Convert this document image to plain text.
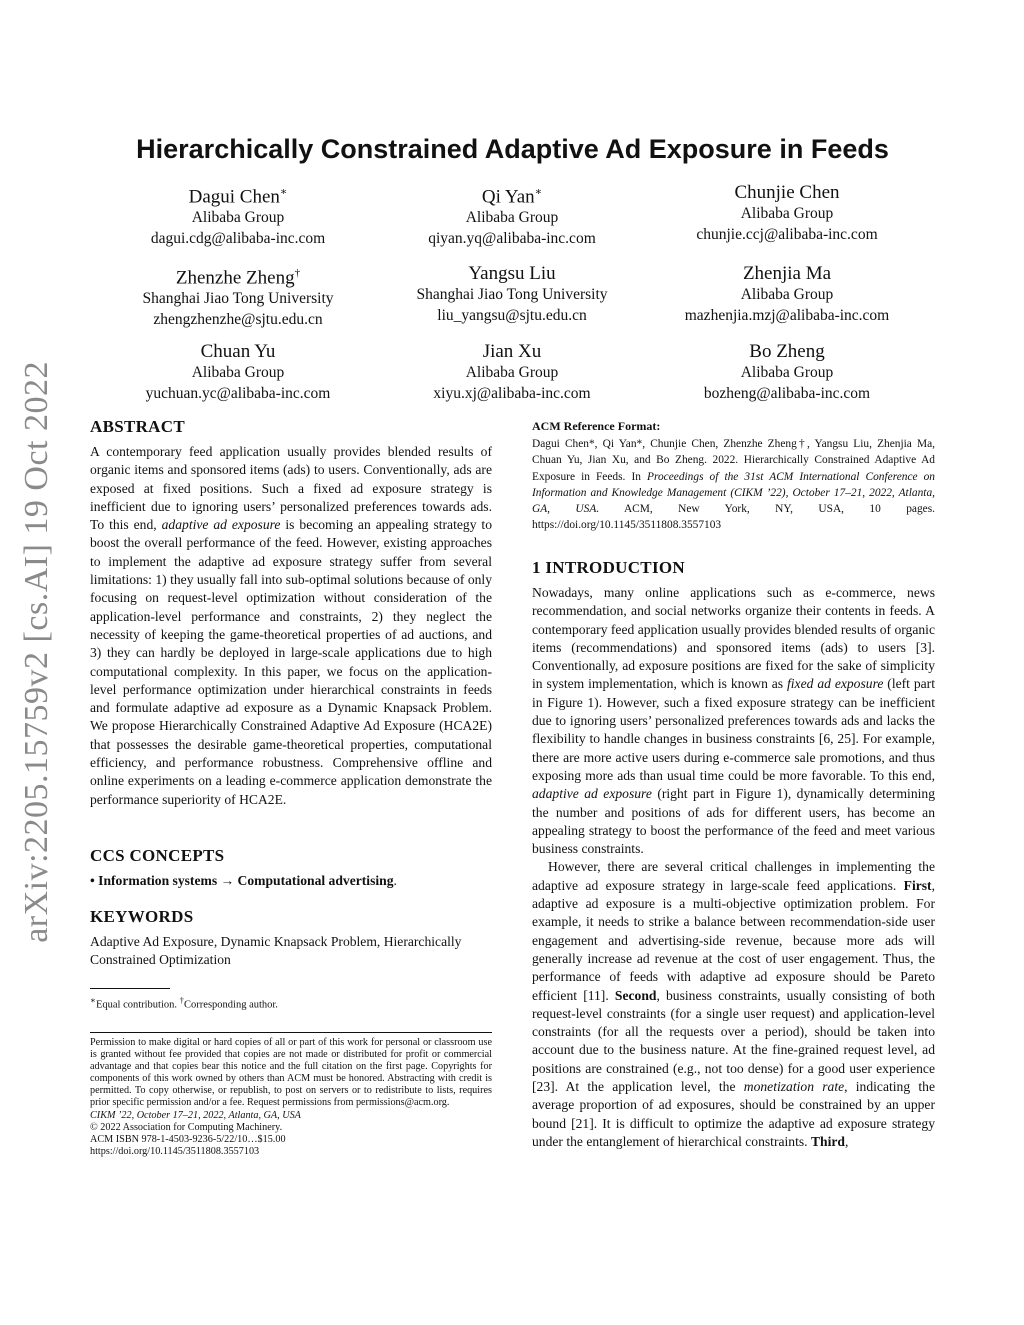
arXiv:2205.15759v2 [cs.AI] 19 Oct 2022
Hierarchically Constrained Adaptive Ad Exposure in Feeds
Dagui Chen∗
Alibaba Group
dagui.cdg@alibaba-inc.com
Qi Yan∗
Alibaba Group
qiyan.yq@alibaba-inc.com
Chunjie Chen
Alibaba Group
chunjie.ccj@alibaba-inc.com
Zhenzhe Zheng†
Shanghai Jiao Tong University
zhengzhenzhe@sjtu.edu.cn
Yangsu Liu
Shanghai Jiao Tong University
liu_yangsu@sjtu.edu.cn
Zhenjia Ma
Alibaba Group
mazhenjia.mzj@alibaba-inc.com
Chuan Yu
Alibaba Group
yuchuan.yc@alibaba-inc.com
Jian Xu
Alibaba Group
xiyu.xj@alibaba-inc.com
Bo Zheng
Alibaba Group
bozheng@alibaba-inc.com
ABSTRACT

A contemporary feed application usually provides blended results of organic items and sponsored items (ads) to users. Conventionally, ads are exposed at fixed positions. Such a fixed ad exposure strategy is inefficient due to ignoring users’ personalized preferences towards ads. To this end, adaptive ad exposure is becoming an appealing strategy to boost the overall performance of the feed. However, existing approaches to implement the adaptive ad exposure strategy suffer from several limitations: 1) they usually fall into sub-optimal solutions because of only focusing on request-level optimization without consideration of the application-level performance and constraints, 2) they neglect the necessity of keeping the game-theoretical properties of ad auctions, and 3) they can hardly be deployed in large-scale applications due to high computational complexity. In this paper, we focus on the application-level performance optimization under hierarchical constraints in feeds and formulate adaptive ad exposure as a Dynamic Knapsack Problem. We propose Hierarchically Constrained Adaptive Ad Exposure (HCA2E) that possesses the desirable game-theoretical properties, computational efficiency, and performance robustness. Comprehensive offline and online experiments on a leading e-commerce application demonstrate the performance superiority of HCA2E.

CCS CONCEPTS

• Information systems → Computational advertising.

KEYWORDS

Adaptive Ad Exposure, Dynamic Knapsack Problem, Hierarchically Constrained Optimization

∗Equal contribution. †Corresponding author.

Permission to make digital or hard copies of all or part of this work for personal or classroom use is granted without fee provided that copies are not made or distributed for profit or commercial advantage and that copies bear this notice and the full citation on the first page. Copyrights for components of this work owned by others than ACM must be honored. Abstracting with credit is permitted. To copy otherwise, or republish, to post on servers or to redistribute to lists, requires prior specific permission and/or a fee. Request permissions from permissions@acm.org.

CIKM ’22, October 17–21, 2022, Atlanta, GA, USA

© 2022 Association for Computing Machinery.

ACM ISBN 978-1-4503-9236-5/22/10…$15.00

https://doi.org/10.1145/3511808.3557103

ACM Reference Format:

Dagui Chen*, Qi Yan*, Chunjie Chen, Zhenzhe Zheng†, Yangsu Liu, Zhenjia Ma, Chuan Yu, Jian Xu, and Bo Zheng. 2022. Hierarchically Constrained Adaptive Ad Exposure in Feeds. In Proceedings of the 31st ACM International Conference on Information and Knowledge Management (CIKM ’22), October 17–21, 2022, Atlanta, GA, USA. ACM, New York, NY, USA, 10 pages. https://doi.org/10.1145/3511808.3557103

1 INTRODUCTION

Nowadays, many online applications such as e-commerce, news recommendation, and social networks organize their contents in feeds. A contemporary feed application usually provides blended results of organic items (recommendations) and sponsored items (ads) to users [3]. Conventionally, ad exposure positions are fixed for the sake of simplicity in system implementation, which is known as fixed ad exposure (left part in Figure 1). However, such a fixed exposure strategy can be inefficient due to ignoring users’ personalized preferences towards ads and lacks the flexibility to handle changes in business constraints [6, 25]. For example, there are more active users during e-commerce sale promotions, and thus exposing more ads than usual time could be more favorable. To this end, adaptive ad exposure (right part in Figure 1), dynamically determining the number and positions of ads for different users, has become an appealing strategy to boost the performance of the feed and meet various business constraints.

However, there are several critical challenges in implementing the adaptive ad exposure strategy in large-scale feed applications. First, adaptive ad exposure is a multi-objective optimization problem. For example, it needs to strike a balance between recommendation-side user engagement and advertising-side revenue, because more ads will generally increase ad revenue at the cost of user engagement. Thus, the performance of feeds with adaptive ad exposure should be Pareto efficient [11]. Second, business constraints, usually consisting of both request-level constraints (for a single user request) and application-level constraints (for all the requests over a period), should be taken into account due to the business nature. At the fine-grained request level, ad positions are constrained (e.g., not too dense) for a good user experience [23]. At the application level, the monetization rate, indicating the average proportion of ad exposures, should be constrained by an upper bound [21]. It is difficult to optimize the adaptive ad exposure strategy under the entanglement of hierarchical constraints. Third,
